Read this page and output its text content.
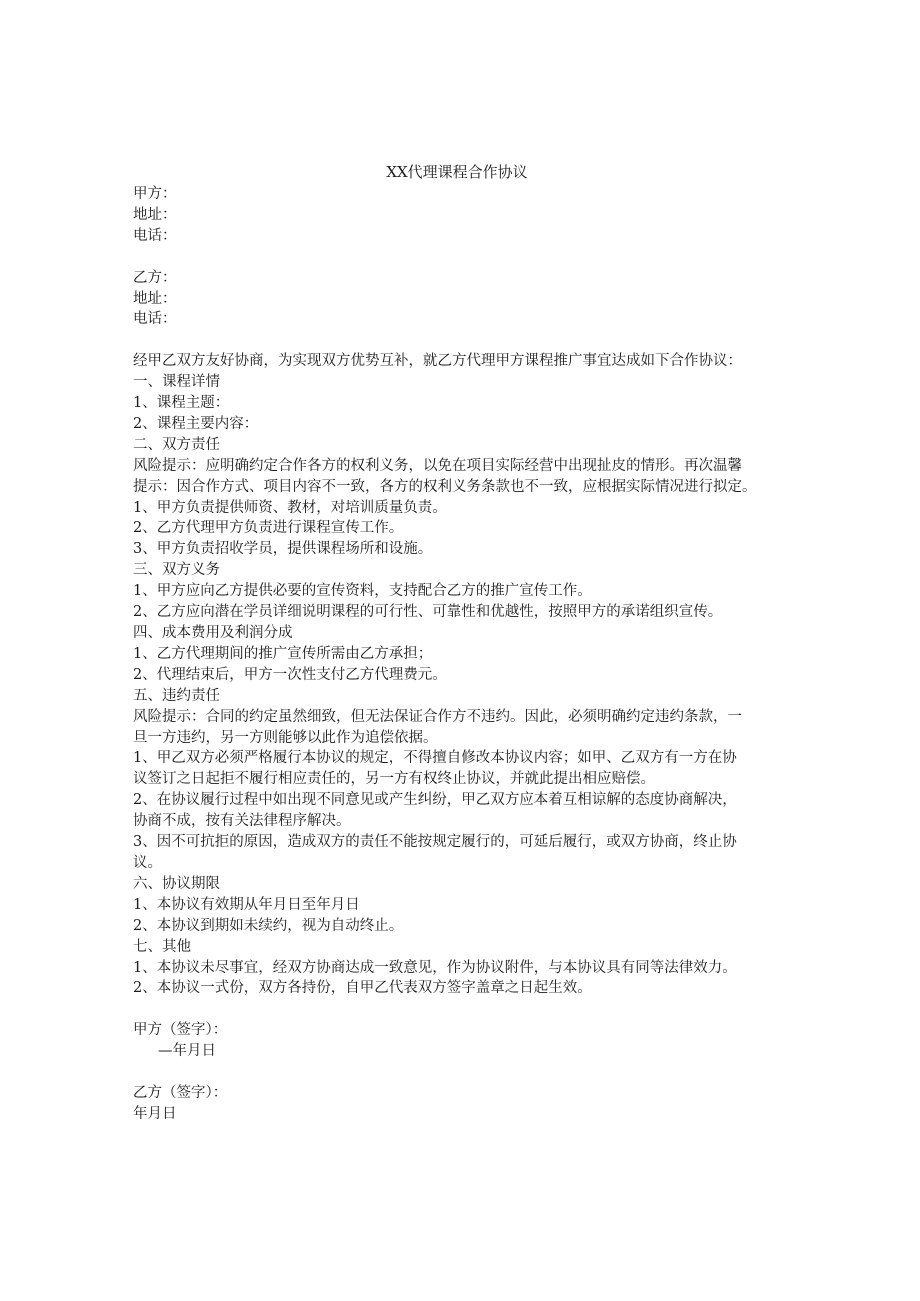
XX代理课程合作协议
甲方：
地址：
电话：
乙方：
地址：
电话：
经甲乙双方友好协商，为实现双方优势互补，就乙方代理甲方课程推广事宜达成如下合作协议：
一、课程详情
1、课程主题：
2、课程主要内容：
二、双方责任
风险提示：应明确约定合作各方的权利义务，以免在项目实际经营中出现扯皮的情形。再次温馨
提示：因合作方式、项目内容不一致，各方的权利义务条款也不一致，应根据实际情况进行拟定。
1、甲方负责提供师资、教材，对培训质量负责。
2、乙方代理甲方负责进行课程宣传工作。
3、甲方负责招收学员，提供课程场所和设施。
三、双方义务
1、甲方应向乙方提供必要的宣传资料，支持配合乙方的推广宣传工作。
2、乙方应向潜在学员详细说明课程的可行性、可靠性和优越性，按照甲方的承诺组织宣传。
四、成本费用及利润分成
1、乙方代理期间的推广宣传所需由乙方承担；
2、代理结束后，甲方一次性支付乙方代理费元。
五、违约责任
风险提示：合同的约定虽然细致，但无法保证合作方不违约。因此，必须明确约定违约条款，一
旦一方违约，另一方则能够以此作为追偿依据。
1、甲乙双方必须严格履行本协议的规定，不得擅自修改本协议内容；如甲、乙双方有一方在协
议签订之日起拒不履行相应责任的，另一方有权终止协议，并就此提出相应赔偿。
2、在协议履行过程中如出现不同意见或产生纠纷，甲乙双方应本着互相谅解的态度协商解决，
协商不成，按有关法律程序解决。
3、因不可抗拒的原因，造成双方的责任不能按规定履行的，可延后履行，或双方协商，终止协
议。
六、协议期限
1、本协议有效期从年月日至年月日
2、本协议到期如未续约，视为自动终止。
七、其他
1、本协议未尽事宜，经双方协商达成一致意见，作为协议附件，与本协议具有同等法律效力。
2、本协议一式份，双方各持份，自甲乙代表双方签字盖章之日起生效。
甲方（签字）：
—年月日
乙方（签字）：
年月日
